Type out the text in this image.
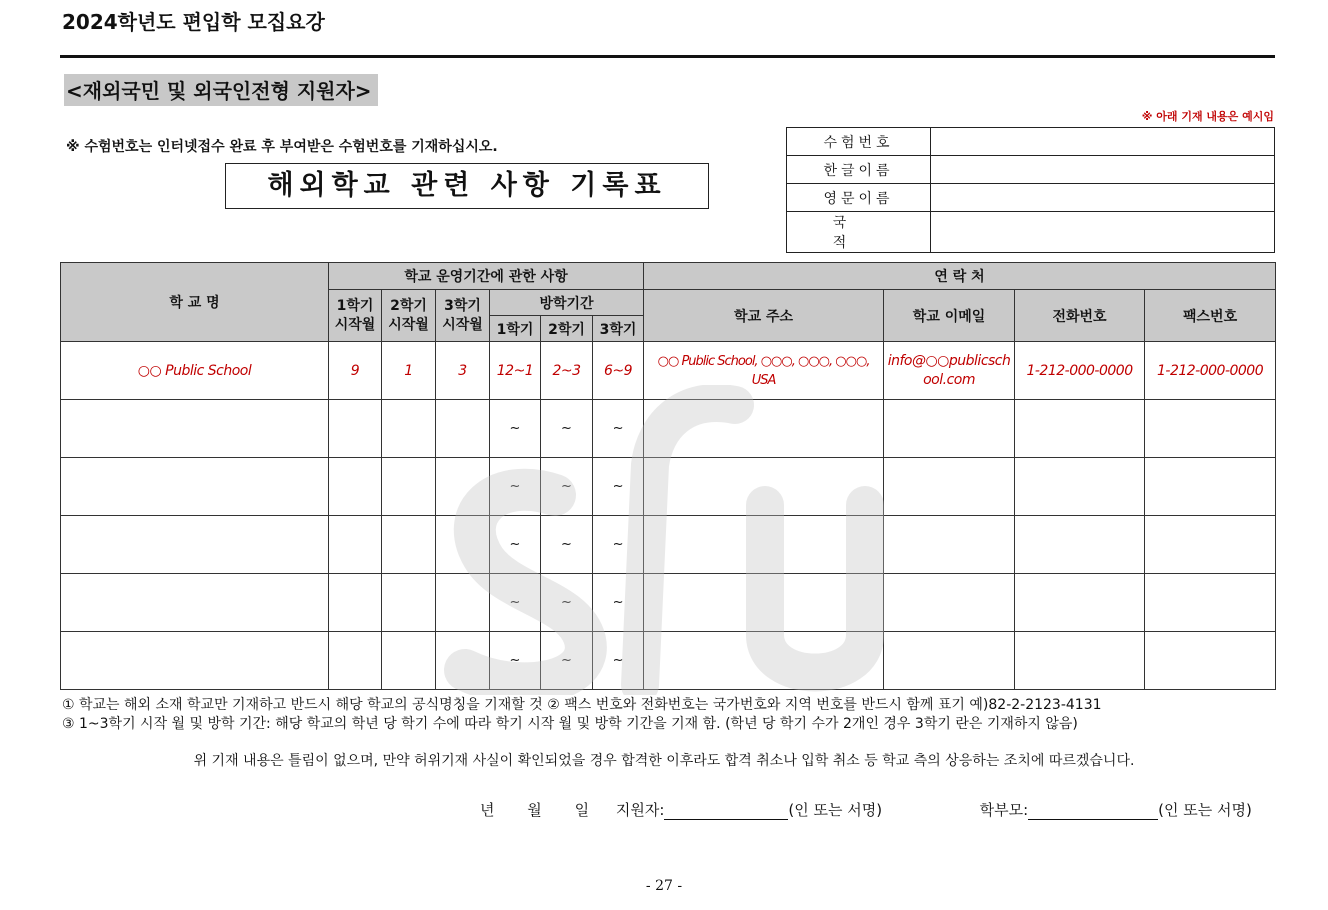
2024학년도 편입학 모집요강
<재외국민 및 외국인전형 지원자>
※ 아래 기재 내용은 예시임
※ 수험번호는 인터넷접수 완료 후 부여받은 수험번호를 기재하십시오.
해외학교 관련 사항 기록표
수험번호	
한글이름	
영문이름	
국 적	
학 교 명	학교 운영기간에 관한 사항						연 락 처			
	1학기 시작월	2학기 시작월	3학기 시작월	방학기간			학교 주소	학교 이메일	전화번호	팩스번호
				1학기	2학기	3학기				
○○ Public School	9	1	3	12~1	2~3	6~9	○○ Public School, ○○○, ○○○, ○○○, USA	info@○○publicschool.com	1-212-000-0000	1-212-000-0000
				~	~	~				
				~	~	~				
				~	~	~				
				~	~	~				
				~	~	~				
① 학교는 해외 소재 학교만 기재하고 반드시 해당 학교의 공식명칭을 기재할 것 ② 팩스 번호와 전화번호는 국가번호와 지역 번호를 반드시 함께 표기 예)82-2-2123-4131
③ 1~3학기 시작 월 및 방학 기간: 해당 학교의 학년 당 학기 수에 따라 학기 시작 월 및 방학 기간을 기재 함. (학년 당 학기 수가 2개인 경우 3학기 란은 기재하지 않음)
위 기재 내용은 틀림이 없으며, 만약 허위기재 사실이 확인되었을 경우 합격한 이후라도 합격 취소나 입학 취소 등 학교 측의 상응하는 조치에 따르겠습니다.
년 월 일 지원자:	(인 또는 서명)	학부모:	(인 또는 서명)
- 27 -
